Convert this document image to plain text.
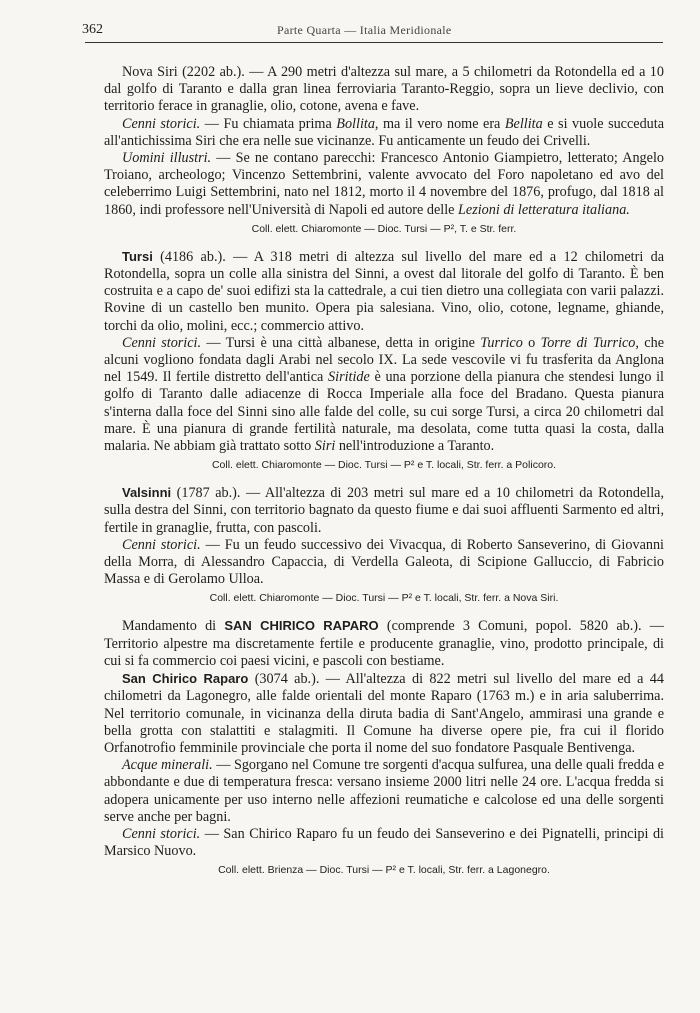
362	Parte Quarta — Italia Meridionale

Nova Siri (2202 ab.). — A 290 metri d'altezza sul mare, a 5 chilometri da Rotondella ed a 10 dal golfo di Taranto e dalla gran linea ferroviaria Taranto-Reggio, sopra un lieve declivio, con territorio ferace in granaglie, olio, cotone, avena e fave.

Cenni storici. — Fu chiamata prima Bollita, ma il vero nome era Bellita e si vuole succeduta all'antichissima Siri che era nelle sue vicinanze. Fu anticamente un feudo dei Crivelli.

Uomini illustri. — Se ne contano parecchi: Francesco Antonio Giampietro, letterato; Angelo Troiano, archeologo; Vincenzo Settembrini, valente avvocato del Foro napoletano ed avo del celeberrimo Luigi Settembrini, nato nel 1812, morto il 4 novembre del 1876, profugo, dal 1818 al 1860, indi professore nell'Università di Napoli ed autore delle Lezioni di letteratura italiana.

Coll. elett. Chiaromonte — Dioc. Tursi — P², T. e Str. ferr.

Tursi (4186 ab.). — A 318 metri di altezza sul livello del mare ed a 12 chilometri da Rotondella, sopra un colle alla sinistra del Sinni, a ovest dal litorale del golfo di Taranto. È ben costruita e a capo de' suoi edifizi sta la cattedrale, a cui tien dietro una collegiata con varii palazzi. Rovine di un castello ben munito. Opera pia salesiana. Vino, olio, cotone, legname, ghiande, torchi da olio, molini, ecc.; commercio attivo.

Cenni storici. — Tursi è una città albanese, detta in origine Turrico o Torre di Turrico, che alcuni vogliono fondata dagli Arabi nel secolo IX. La sede vescovile vi fu trasferita da Anglona nel 1549. Il fertile distretto dell'antica Siritide è una porzione della pianura che stendesi lungo il golfo di Taranto dalle adiacenze di Rocca Imperiale alla foce del Bradano. Questa pianura s'interna dalla foce del Sinni sino alle falde del colle, su cui sorge Tursi, a circa 20 chilometri dal mare. È una pianura di grande fertilità naturale, ma desolata, come tutta quasi la costa, dalla malaria. Ne abbiam già trattato sotto Siri nell'introduzione a Taranto.

Coll. elett. Chiaromonte — Dioc. Tursi — P² e T. locali, Str. ferr. a Policoro.

Valsinni (1787 ab.). — All'altezza di 203 metri sul mare ed a 10 chilometri da Rotondella, sulla destra del Sinni, con territorio bagnato da questo fiume e dai suoi affluenti Sarmento ed altri, fertile in granaglie, frutta, con pascoli.

Cenni storici. — Fu un feudo successivo dei Vivacqua, di Roberto Sanseverino, di Giovanni della Morra, di Alessandro Capaccia, di Verdella Galeota, di Scipione Galluccio, di Fabricio Massa e di Gerolamo Ulloa.

Coll. elett. Chiaromonte — Dioc. Tursi — P² e T. locali, Str. ferr. a Nova Siri.

Mandamento di SAN CHIRICO RAPARO (comprende 3 Comuni, popol. 5820 ab.). — Territorio alpestre ma discretamente fertile e producente granaglie, vino, prodotto principale, di cui si fa commercio coi paesi vicini, e pascoli con bestiame.

San Chirico Raparo (3074 ab.). — All'altezza di 822 metri sul livello del mare ed a 44 chilometri da Lagonegro, alle falde orientali del monte Raparo (1763 m.) e in aria saluberrima. Nel territorio comunale, in vicinanza della diruta badia di Sant'Angelo, ammirasi una grande e bella grotta con stalattiti e stalagmiti. Il Comune ha diverse opere pie, fra cui il florido Orfanotrofio femminile provinciale che porta il nome del suo fondatore Pasquale Bentivenga.

Acque minerali. — Sgorgano nel Comune tre sorgenti d'acqua sulfurea, una delle quali fredda e abbondante e due di temperatura fresca: versano insieme 2000 litri nelle 24 ore. L'acqua fredda si adopera unicamente per uso interno nelle affezioni reumatiche e calcolose ed una delle sorgenti serve anche per bagni.

Cenni storici. — San Chirico Raparo fu un feudo dei Sanseverino e dei Pignatelli, principi di Marsico Nuovo.

Coll. elett. Brienza — Dioc. Tursi — P² e T. locali, Str. ferr. a Lagonegro.
